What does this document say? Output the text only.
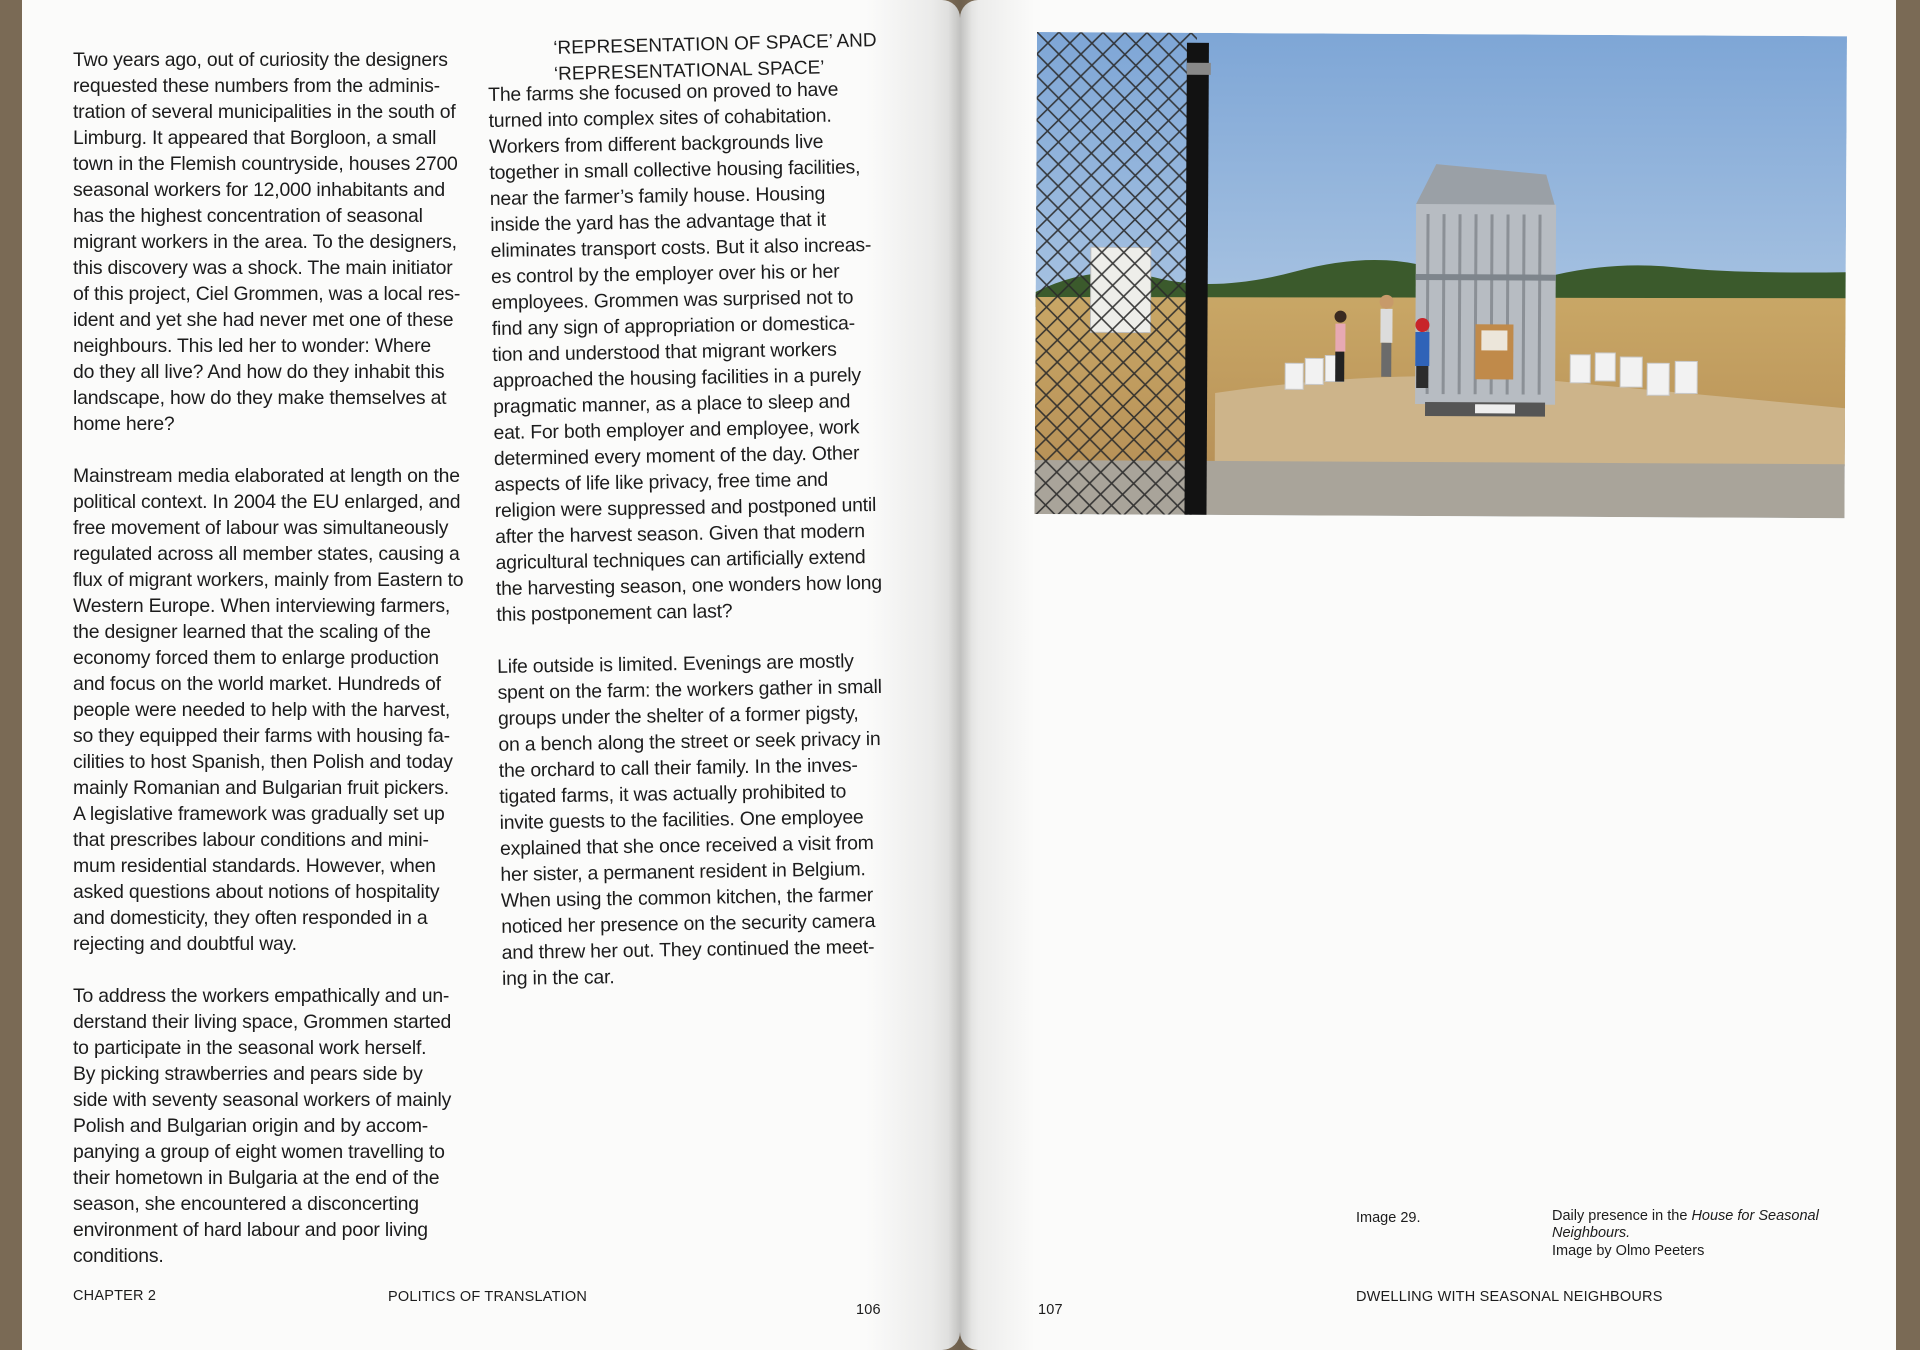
Two years ago, out of curiosity the designers
requested these numbers from the adminis-
tration of several municipalities in the south of
Limburg. It appeared that Borgloon, a small
town in the Flemish countryside, houses 2700
seasonal workers for 12,000 inhabitants and
has the highest concentration of seasonal
migrant workers in the area. To the designers,
this discovery was a shock. The main initiator
of this project, Ciel Grommen, was a local res-
ident and yet she had never met one of these
neighbours. This led her to wonder: Where
do they all live? And how do they inhabit this
landscape, how do they make themselves at
home here?

Mainstream media elaborated at length on the
political context. In 2004 the EU enlarged, and
free movement of labour was simultaneously
regulated across all member states, causing a
flux of migrant workers, mainly from Eastern to
Western Europe. When interviewing farmers,
the designer learned that the scaling of the
economy forced them to enlarge production
and focus on the world market. Hundreds of
people were needed to help with the harvest,
so they equipped their farms with housing fa-
cilities to host Spanish, then Polish and today
mainly Romanian and Bulgarian fruit pickers.
A legislative framework was gradually set up
that prescribes labour conditions and mini-
mum residential standards. However, when
asked questions about notions of hospitality
and domesticity, they often responded in a
rejecting and doubtful way.

To address the workers empathically and un-
derstand their living space, Grommen started
to participate in the seasonal work herself.
By picking strawberries and pears side by
side with seventy seasonal workers of mainly
Polish and Bulgarian origin and by accom-
panying a group of eight women travelling to
their hometown in Bulgaria at the end of the
season, she encountered a disconcerting
environment of hard labour and poor living
conditions.

‘REPRESENTATION OF SPACE’ AND
‘REPRESENTATIONAL SPACE’

The farms she focused on proved to have
turned into complex sites of cohabitation.
Workers from different backgrounds live
together in small collective housing facilities,
near the farmer’s family house. Housing
inside the yard has the advantage that it
eliminates transport costs. But it also increas-
es control by the employer over his or her
employees. Grommen was surprised not to
find any sign of appropriation or domestica-
tion and understood that migrant workers
approached the housing facilities in a purely
pragmatic manner, as a place to sleep and
eat. For both employer and employee, work
determined every moment of the day. Other
aspects of life like privacy, free time and
religion were suppressed and postponed until
after the harvest season. Given that modern
agricultural techniques can artificially extend
the harvesting season, one wonders how long
this postponement can last?

Life outside is limited. Evenings are mostly
spent on the farm: the workers gather in small
groups under the shelter of a former pigsty,
on a bench along the street or seek privacy in
the orchard to call their family. In the inves-
tigated farms, it was actually prohibited to
invite guests to the facilities. One employee
explained that she once received a visit from
her sister, a permanent resident in Belgium.
When using the common kitchen, the farmer
noticed her presence on the security camera
and threw her out. They continued the meet-
ing in the car.

CHAPTER 2	POLITICS OF TRANSLATION
106
Image 29.	Daily presence in the House for Seasonal
Neighbours.
Image by Olmo Peeters
107
DWELLING WITH SEASONAL NEIGHBOURS
